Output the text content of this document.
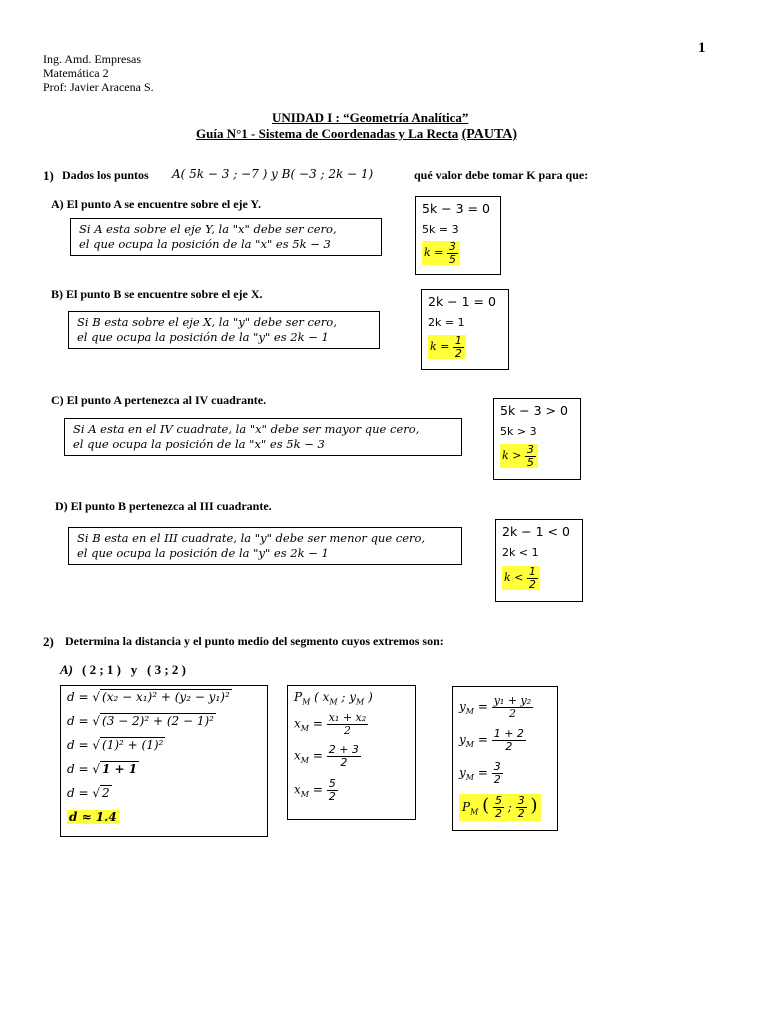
1
Ing. Amd. Empresas
Matemática 2
Prof: Javier Aracena S.
UNIDAD I : “Geometría Analítica”
Guía N°1 - Sistema de Coordenadas y La Recta (PAUTA)
1) Dados los puntos A( 5k − 3 ; −7 ) y B( −3 ; 2k − 1)	qué valor debe tomar K para que:
A) El punto A se encuentre sobre el eje Y.
Si A esta sobre el eje Y, la "x" debe ser cero,
el que ocupa la posición de la "x" es 5k − 3
5k − 3 = 0
5k = 3
$k = \frac{3}{5}$
B) El punto B se encuentre sobre el eje X.
Si B esta sobre el eje X, la "y" debe ser cero,
el que ocupa la posición de la "y" es 2k − 1
2k − 1 = 0
2k = 1
$k = \frac{1}{2}$
C) El punto A pertenezca al IV cuadrante.
Si A esta en el IV cuadrate, la "x" debe ser mayor que cero,
el que ocupa la posición de la "x" es 5k − 3
5k − 3 > 0
5k > 3
$k > \frac{3}{5}$
D) El punto B pertenezca al III cuadrante.
Si B esta en el III cuadrate, la "y" debe ser menor que cero,
el que ocupa la posición de la "y" es 2k − 1
2k − 1 < 0
2k < 1
$k < \frac{1}{2}$
2) Determina la distancia y el punto medio del segmento cuyos extremos son:
A) ( 2 ; 1 )   y   ( 3 ; 2 )
d = √ (x₂ − x₁)² + (y₂ − y₁)²
d = √ (3 − 2)² + (2 − 1)²
d = √ (1)² + (1)²
d = √ 1 + 1
d = √ 2
d ≈ 1.4
$P_M$ ( $x_M$ ; $y_M$ )
$x_M = \frac{\text{x₁ + x₂}}{2}$
$x_M = \frac{2 + 3}{2}$
$x_M = \frac{5}{2}$
$y_M = \frac{\text{y₁ + y₂}}{2}$
$y_M = \frac{1 + 2}{2}$
$y_M = \frac{3}{2}$
$P_M$ ( $\frac{5}{2}$ ; $\frac{3}{2}$ )
